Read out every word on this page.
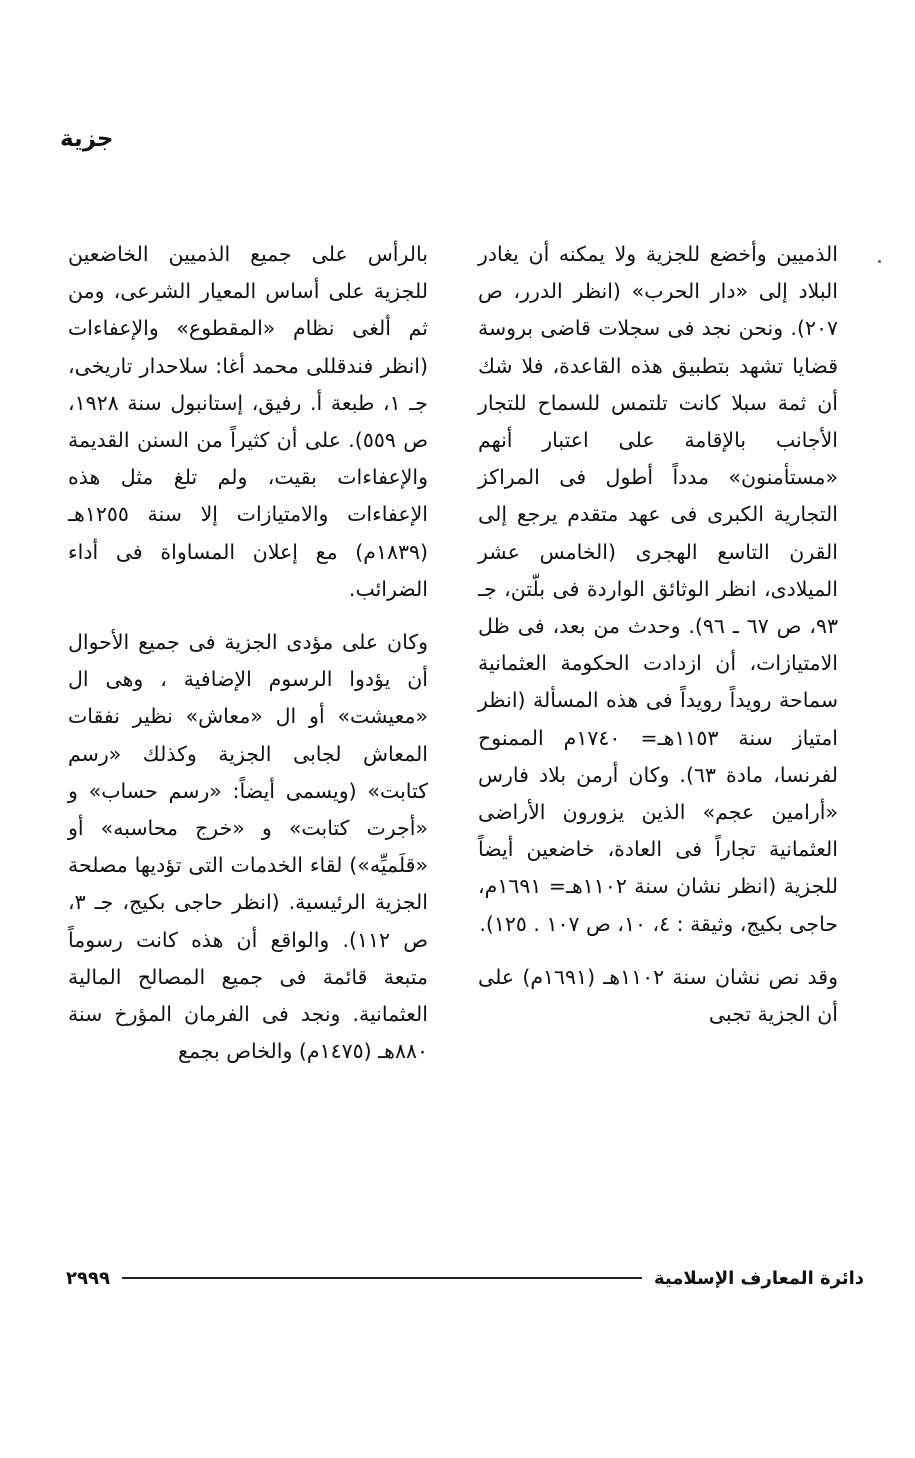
جزية

الذميين وأخضع للجزية ولا يمكنه أن يغادر البلاد إلى «دار الحرب» (انظر الدرر، ص ٢٠٧). ونحن نجد فى سجلات قاضى بروسة قضايا تشهد بتطبيق هذه القاعدة، فلا شك أن ثمة سبلا كانت تلتمس للسماح للتجار الأجانب بالإقامة على اعتبار أنهم «مستأمنون» مدداً أطول فى المراكز التجارية الكبرى فى عهد متقدم يرجع إلى القرن التاسع الهجرى (الخامس عشر الميلادى، انظر الوثائق الواردة فى بلّتن، جـ ٩٣، ص ٦٧ ـ ٩٦). وحدث من بعد، فى ظل الامتيازات، أن ازدادت الحكومة العثمانية سماحة رويداً رويداً فى هذه المسألة (انظر امتياز سنة ١١٥٣هـ= ١٧٤٠م الممنوح لفرنسا، مادة ٦٣). وكان أرمن بلاد فارس «أرامين عجم» الذين يزورون الأراضى العثمانية تجاراً فى العادة، خاضعين أيضاً للجزية (انظر نشان سنة ١١٠٢هـ= ١٦٩١م، حاجى بكيج، وثيقة : ٤، ١٠، ص ١٠٧ . ١٢٥).

وقد نص نشان سنة ١١٠٢هـ (١٦٩١م) على أن الجزية تجبى

بالرأس على جميع الذميين الخاضعين للجزية على أساس المعيار الشرعى، ومن ثم ألغى نظام «المقطوع» والإعفاءات (انظر فندقللى محمد أغا: سلاحدار تاريخى، جـ ١، طبعة أ. رفيق، إستانبول سنة ١٩٢٨، ص ٥٥٩). على أن كثيراً من السنن القديمة والإعفاءات بقيت، ولم تلغ مثل هذه الإعفاءات والامتيازات إلا سنة ١٢٥٥هـ (١٨٣٩م) مع إعلان المساواة فى أداء الضرائب.

وكان على مؤدى الجزية فى جميع الأحوال أن يؤدوا الرسوم الإضافية ، وهى ال «معيشت» أو ال «معاش» نظير نفقات المعاش لجابى الجزية وكذلك «رسم كتابت» (ويسمى أيضاً: «رسم حساب» و «أجرت كتابت» و «خرج محاسبه» أو «قلَميِّه») لقاء الخدمات التى تؤديها مصلحة الجزية الرئيسية. (انظر حاجى بكيج، جـ ٣، ص ١١٢). والواقع أن هذه كانت رسوماً متبعة قائمة فى جميع المصالح المالية العثمانية. ونجد فى الفرمان المؤرخ سنة ٨٨٠هـ (١٤٧٥م) والخاص بجمع

دائرة المعارف الإسلامية
٢٩٩٩
